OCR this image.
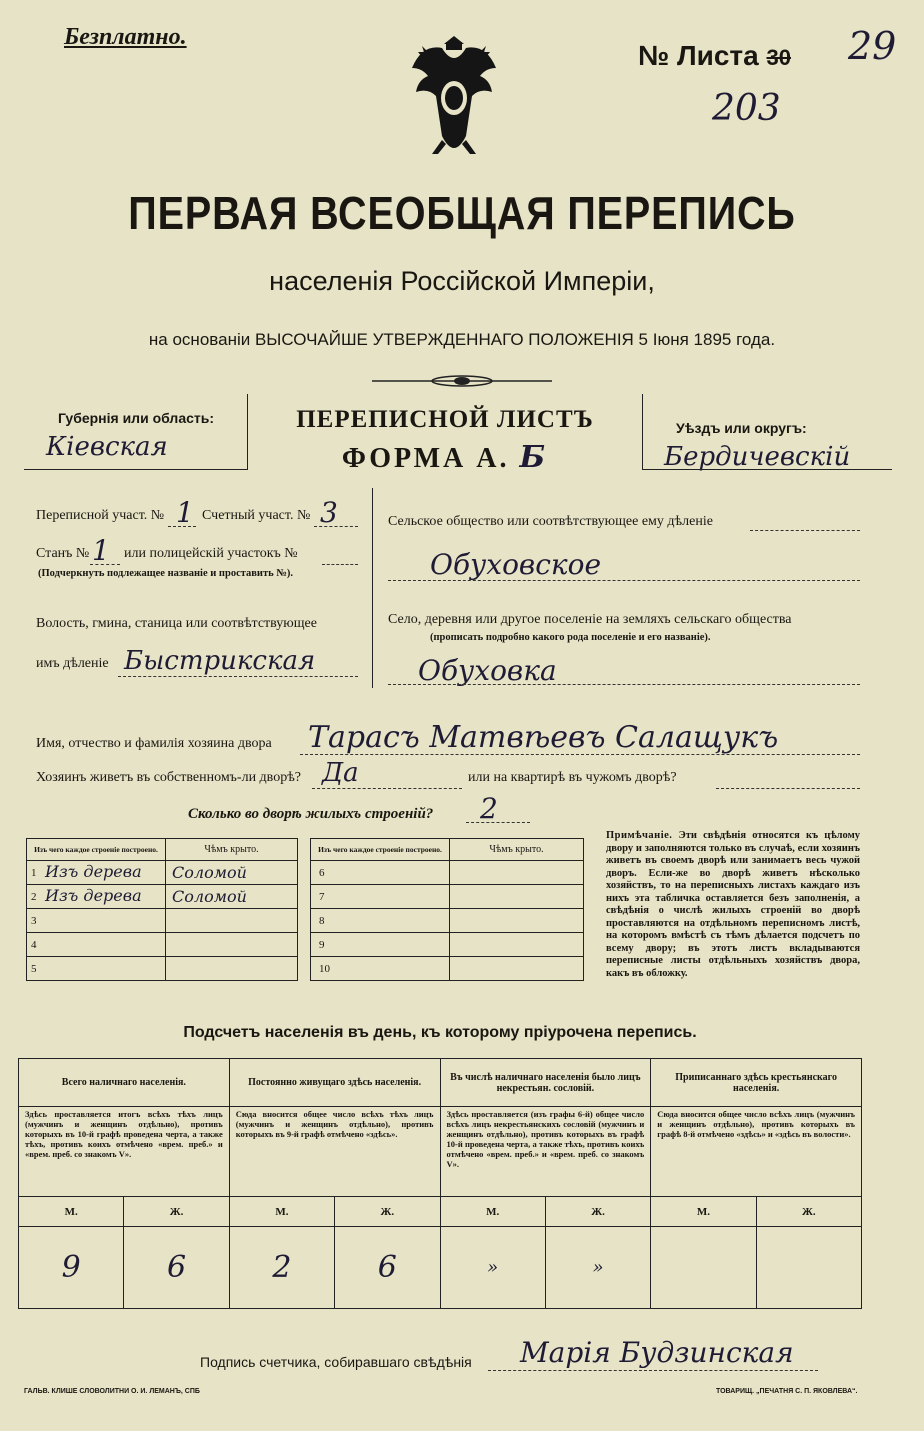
Безплатно.
№ Листа 30 29
203
ПЕРВАЯ ВСЕОБЩАЯ ПЕРЕПИСЬ
населенія Россійской Имперіи,
на основаніи ВЫСОЧАЙШЕ УТВЕРЖДЕННАГО ПОЛОЖЕНІЯ 5 Іюня 1895 года.
Губернія или область:
Кіевская
ПЕРЕПИСНОЙ ЛИСТЪ
ФОРМА А. Б
Уѣздъ или округъ:
Бердичевскій
Переписной участ. № 1 Счетный участ. № 3
Станъ № 1 или полицейскій участокъ №
(Подчеркнуть подлежащее названіе и проставить №).
Волость, гмина, станица или соотвѣтствующее
имъ дѣленіе Быстрикская
Сельское общество или соотвѣтствующее ему дѣленіе
Обуховское
Село, деревня или другое поселеніе на земляхъ сельскаго общества
(прописать подробно какого рода поселеніе и его названіе).
Обуховка
Имя, отчество и фамилія хозяина двора Тарасъ Матвѣевъ Салащукъ
Хозяинъ живетъ въ собственномъ-ли дворѣ? Да	или на квартирѣ въ чужомъ дворѣ?
Сколько во дворѣ жилыхъ строеній? 2
Изъ чего каждое строеніе построено.	Чѣмъ крыто.

1 Изъ дерева	Соломой

2 Изъ дерева	Соломой

3	

4	

5	

Изъ чего каждое строеніе построено.	Чѣмъ крыто.

6	

7	

8	

9	

10	

Примѣчаніе. Эти свѣдѣнія относятся къ цѣлому двору и заполняются только въ случаѣ, если хозяинъ живетъ въ своемъ дворѣ или занимаетъ весь чужой дворъ. Если-же во дворѣ живетъ нѣсколько хозяйствъ, то на переписныхъ листахъ каждаго изъ нихъ эта табличка оставляется безъ заполненія, а свѣдѣнія о числѣ жилыхъ строеній во дворѣ проставляются на отдѣльномъ переписномъ листѣ, на которомъ вмѣстѣ съ тѣмъ дѣлается подсчетъ по всему двору; въ этотъ листъ вкладываются переписные листы отдѣльныхъ хозяйствъ двора, какъ въ обложку.
Подсчетъ населенія въ день, къ которому пріурочена перепись.
Всего наличнаго населенія.		Постоянно живущаго здѣсь населенія.		Въ числѣ наличнаго населенія было лицъ некрестьян. сословій.		Приписаннаго здѣсь крестьянскаго населенія.	
Здѣсь проставляется итогъ всѣхъ тѣхъ лицъ (мужчинъ и женщинъ отдѣльно), противъ которыхъ въ 10-й графѣ проведена черта, а также тѣхъ, противъ коихъ отмѣчено «врем. преб.» и «врем. преб. со знакомъ V».		Сюда вносится общее число всѣхъ тѣхъ лицъ (мужчинъ и женщинъ отдѣльно), противъ которыхъ въ 9-й графѣ отмѣчено «здѣсь».		Здѣсь проставляется (изъ графы 6-й) общее число всѣхъ лицъ некрестьянскихъ сословій (мужчинъ и женщинъ отдѣльно), противъ которыхъ въ графѣ 10-й проведена черта, а также тѣхъ, противъ коихъ отмѣчено «врем. преб.» и «врем. преб. со знакомъ V».		Сюда вносится общее число всѣхъ лицъ (мужчинъ и женщинъ отдѣльно), противъ которыхъ въ графѣ 8-й отмѣчено «здѣсь» и «здѣсь въ волости».	
М.	Ж.	М.	Ж.	М.	Ж.	М.	Ж.
9	6	2	6	»	»		
Подпись счетчика, собиравшаго свѣдѣнія Марія Будзинская
ГАЛЬВ. КЛИШЕ СЛОВОЛИТНИ О. И. ЛЕМАНЪ, СПБ	ТОВАРИЩ. „ПЕЧАТНЯ С. П. ЯКОВЛЕВА“.
